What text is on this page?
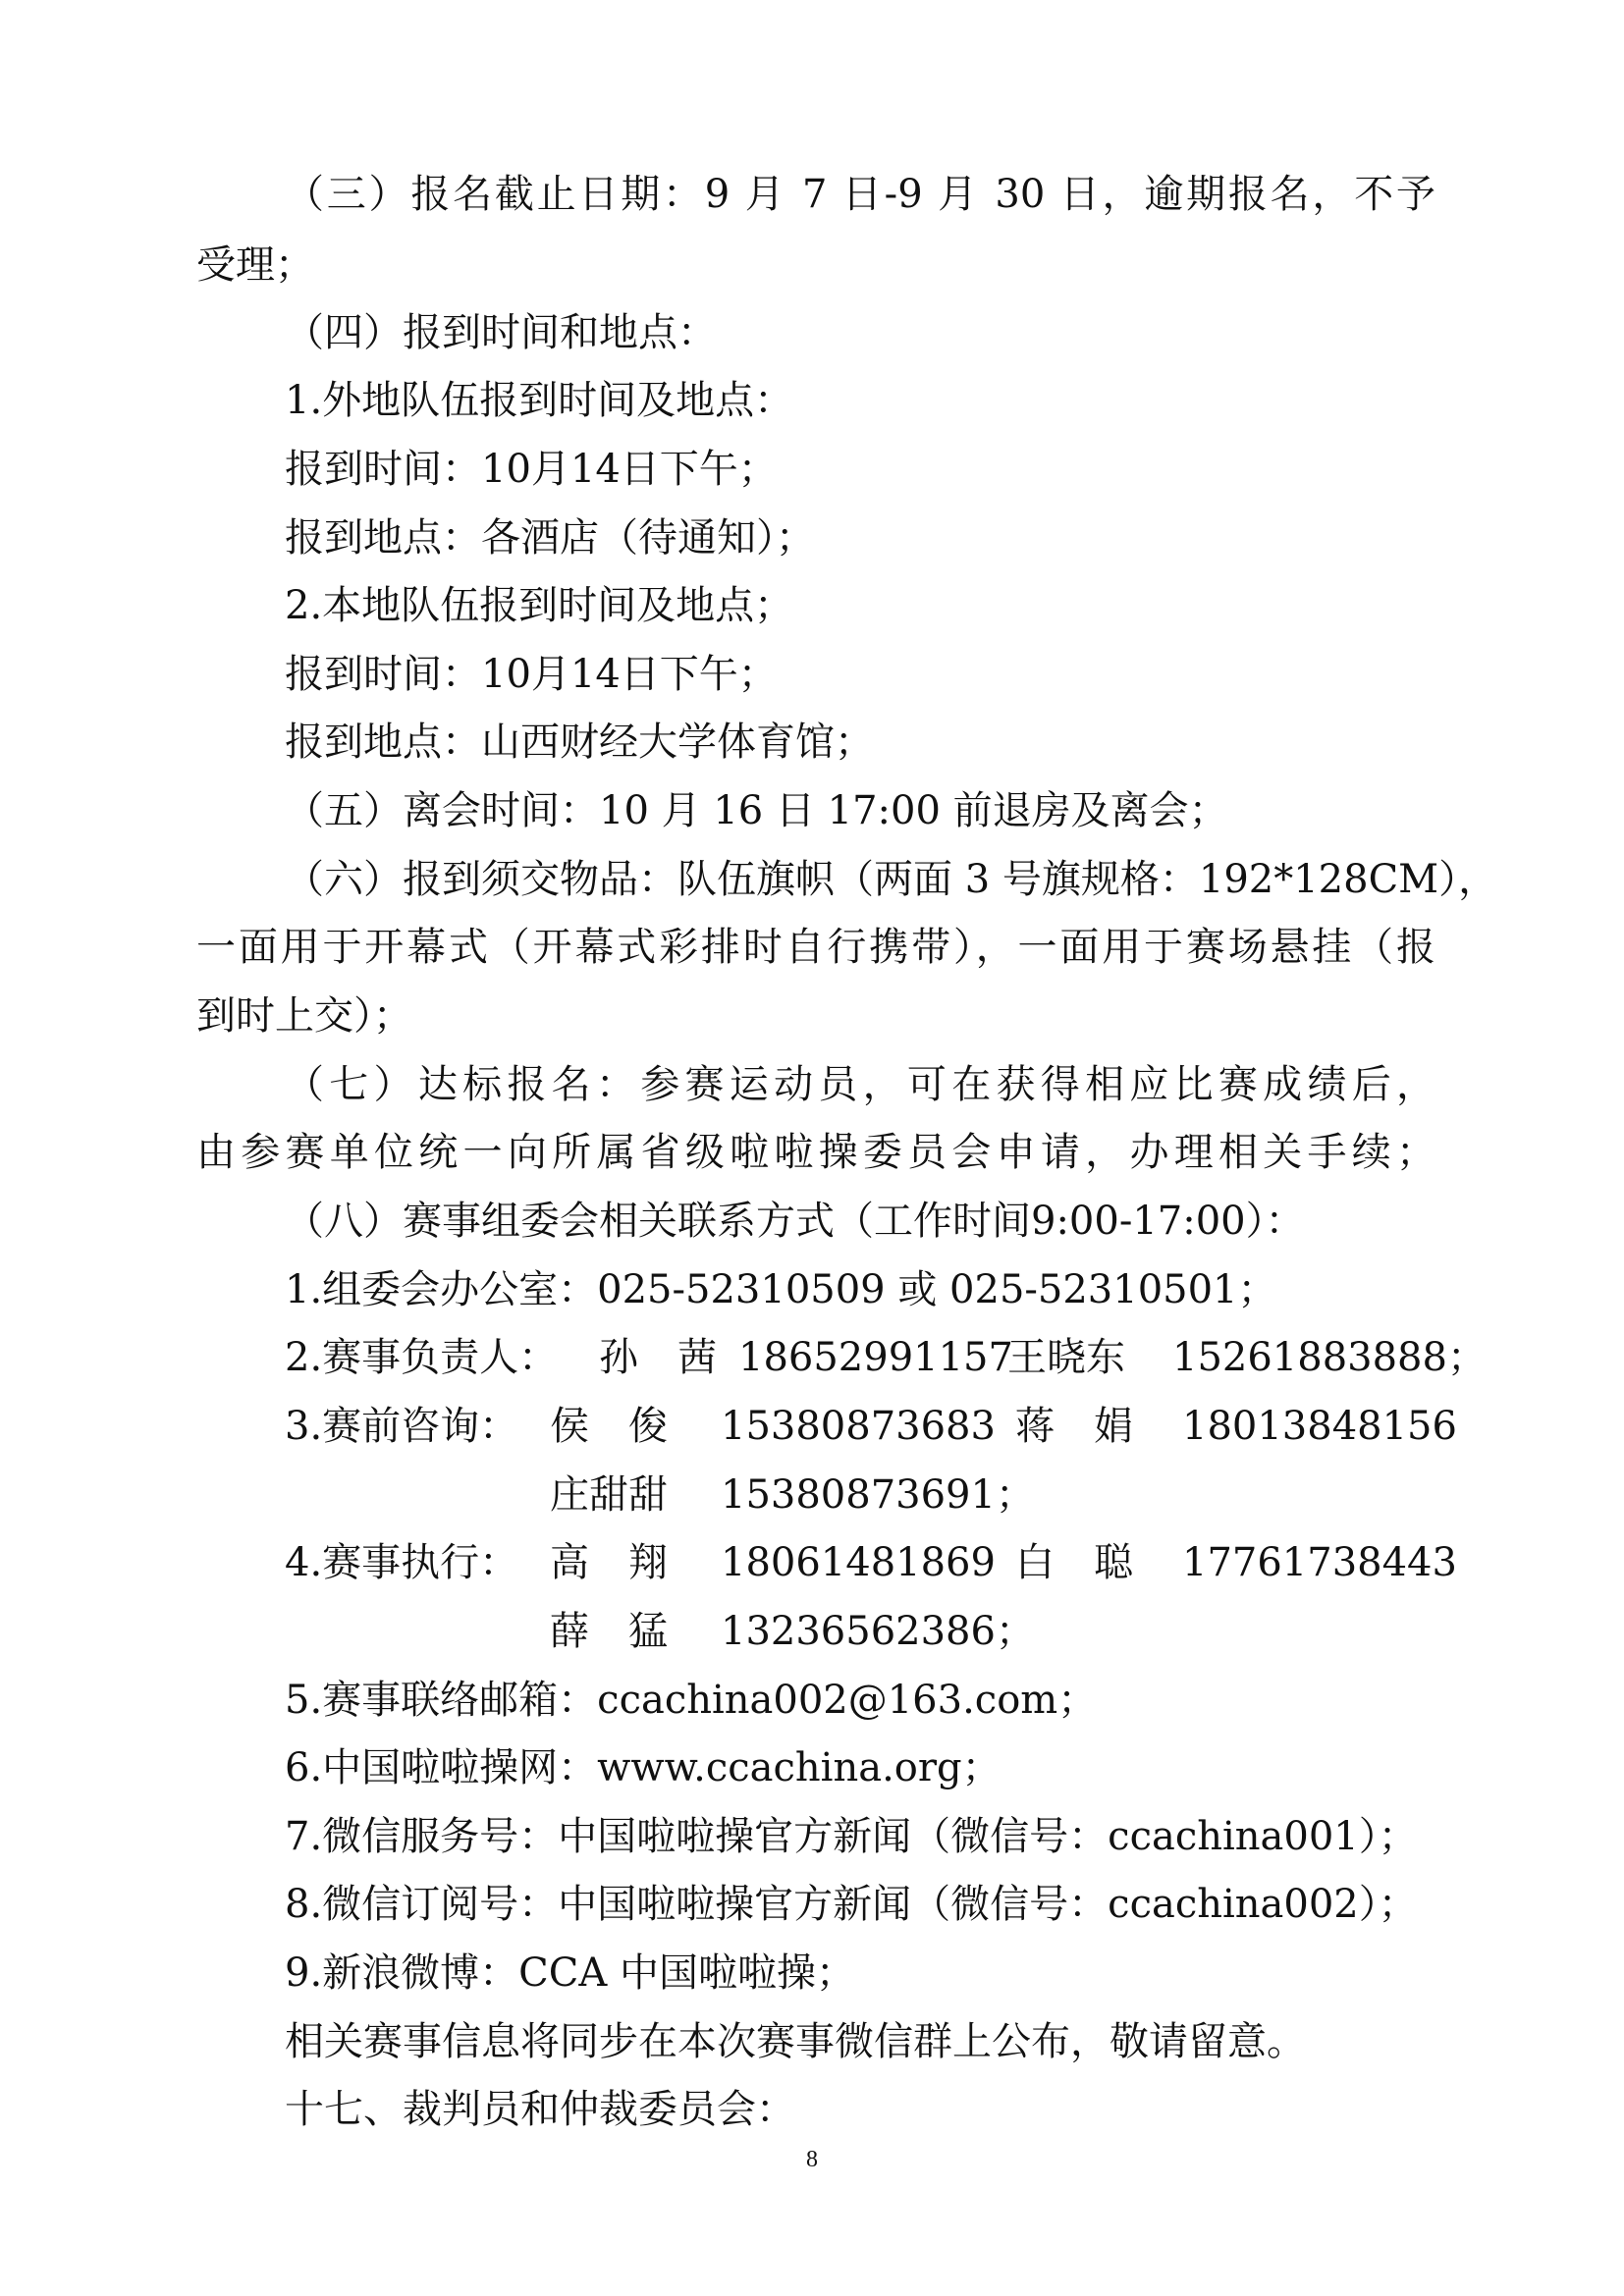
（三）报名截止日期：9 月 7 日-9 月 30 日，逾期报名，不予

受理；

（四）报到时间和地点：

1.外地队伍报到时间及地点：

报到时间：10月14日下午；

报到地点：各酒店（待通知）；

2.本地队伍报到时间及地点；

报到时间：10月14日下午；

报到地点：山西财经大学体育馆；

（五）离会时间：10 月 16 日 17:00 前退房及离会；

（六）报到须交物品：队伍旗帜（两面 3 号旗规格：192*128CM），

一面用于开幕式（开幕式彩排时自行携带），一面用于赛场悬挂（报

到时上交）；

（七）达标报名：参赛运动员，可在获得相应比赛成绩后，

由参赛单位统一向所属省级啦啦操委员会申请，办理相关手续；

（八）赛事组委会相关联系方式（工作时间9:00-17:00）：

1.组委会办公室：025-52310509 或 025-52310501；

2.赛事负责人： 孙　茜 18652991157
王晓东 15261883888；
3.赛前咨询： 侯　俊 15380873683 蒋　娟 18013848156
庄甜甜 15380873691；
4.赛事执行： 高　翔 18061481869 白　聪 17761738443
薛　猛 13236562386；

5.赛事联络邮箱：ccachina002@163.com；

6.中国啦啦操网：www.ccachina.org；

7.微信服务号：中国啦啦操官方新闻（微信号：ccachina001）；

8.微信订阅号：中国啦啦操官方新闻（微信号：ccachina002）；

9.新浪微博：CCA 中国啦啦操；

相关赛事信息将同步在本次赛事微信群上公布，敬请留意。

十七、裁判员和仲裁委员会：

8
